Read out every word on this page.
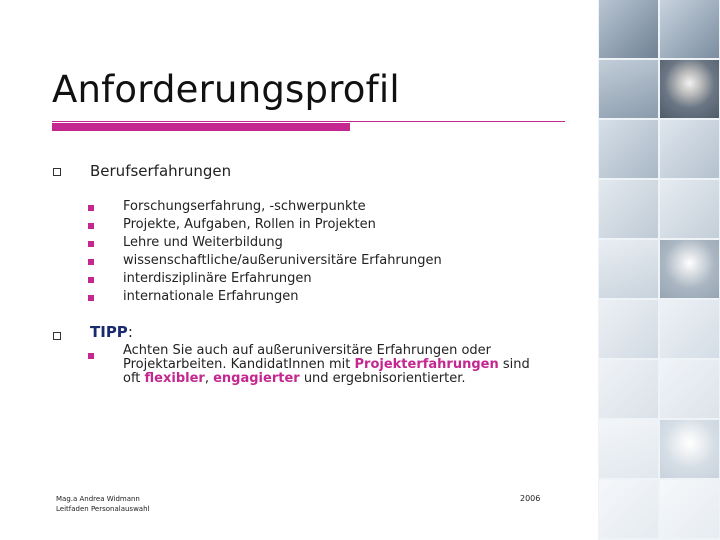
Anforderungsprofil
Berufserfahrungen
Forschungserfahrung, -schwerpunkte
Projekte, Aufgaben, Rollen in Projekten
Lehre und Weiterbildung
wissenschaftliche/außeruniversitäre Erfahrungen
interdisziplinäre Erfahrungen
internationale Erfahrungen
TIPP:
Achten Sie auch auf außeruniversitäre Erfahrungen oder
Projektarbeiten. KandidatInnen mit Projekterfahrungen sind
oft flexibler, engagierter und ergebnisorientierter.
Mag.a Andrea Widmann
Leitfaden Personalauswahl
2006
